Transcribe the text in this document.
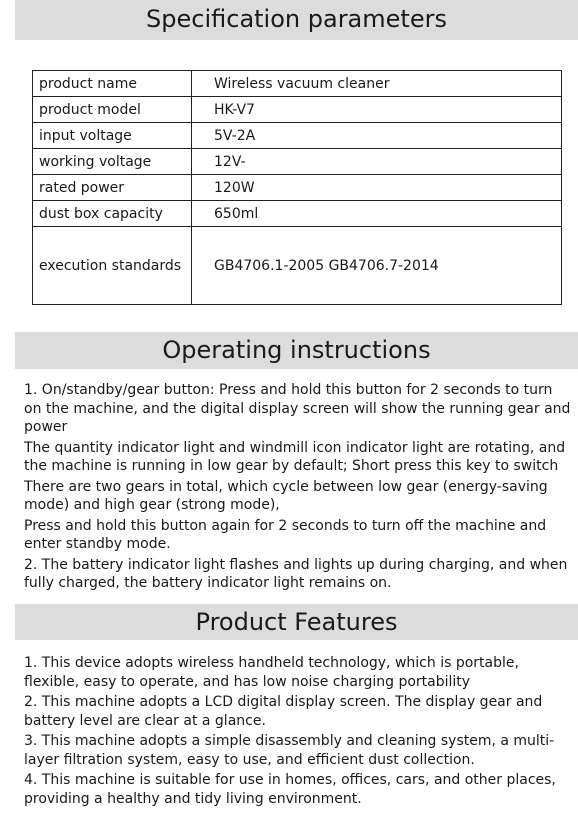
Specification parameters
product name	Wireless vacuum cleaner
product model	HK-V7
input voltage	5V-2A
working voltage	12V-
rated power	120W
dust box capacity	650ml
execution standards	GB4706.1-2005 GB4706.7-2014
Operating instructions

1. On/standby/gear button: Press and hold this button for 2 seconds to turn on the machine, and the digital display screen will show the running gear and power

The quantity indicator light and windmill icon indicator light are rotating, and the machine is running in low gear by default; Short press this key to switch

There are two gears in total, which cycle between low gear (energy-saving mode) and high gear (strong mode),

Press and hold this button again for 2 seconds to turn off the machine and enter standby mode.

2. The battery indicator light flashes and lights up during charging, and when fully charged, the battery indicator light remains on.

Product Features

1. This device adopts wireless handheld technology, which is portable, flexible, easy to operate, and has low noise charging portability

2. This machine adopts a LCD digital display screen. The display gear and battery level are clear at a glance.

3. This machine adopts a simple disassembly and cleaning system, a multi-layer filtration system, easy to use, and efficient dust collection.

4. This machine is suitable for use in homes, offices, cars, and other places, providing a healthy and tidy living environment.
